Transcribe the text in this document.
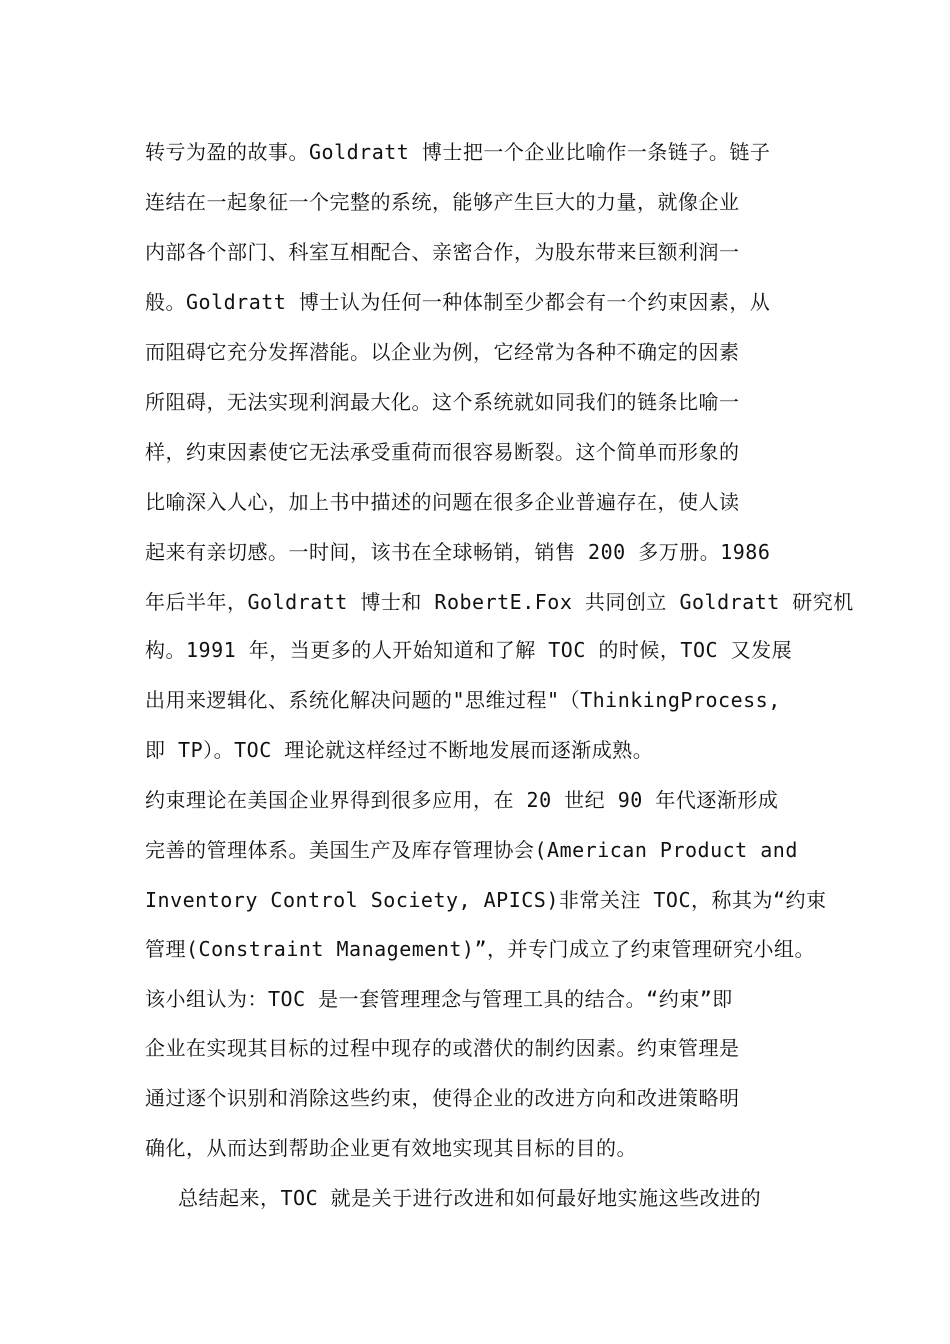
转亏为盈的故事。Goldratt 博士把一个企业比喻作一条链子。链子

连结在一起象征一个完整的系统，能够产生巨大的力量，就像企业

内部各个部门、科室互相配合、亲密合作，为股东带来巨额利润一

般。Goldratt 博士认为任何一种体制至少都会有一个约束因素，从

而阻碍它充分发挥潜能。以企业为例，它经常为各种不确定的因素

所阻碍，无法实现利润最大化。这个系统就如同我们的链条比喻一

样，约束因素使它无法承受重荷而很容易断裂。这个简单而形象的

比喻深入人心，加上书中描述的问题在很多企业普遍存在，使人读

起来有亲切感。一时间，该书在全球畅销，销售 200 多万册。1986

年后半年，Goldratt 博士和 RobertE.Fox 共同创立 Goldratt 研究机

构。1991 年，当更多的人开始知道和了解 TOC 的时候，TOC 又发展

出用来逻辑化、系统化解决问题的"思维过程"（ThinkingProcess,

即 TP）。TOC 理论就这样经过不断地发展而逐渐成熟。

约束理论在美国企业界得到很多应用，在 20 世纪 90 年代逐渐形成

完善的管理体系。美国生产及库存管理协会(American Product and

Inventory Control Society, APICS)非常关注 TOC，称其为“约束

管理(Constraint Management)”，并专门成立了约束管理研究小组。

该小组认为：TOC 是一套管理理念与管理工具的结合。“约束”即

企业在实现其目标的过程中现存的或潜伏的制约因素。约束管理是

通过逐个识别和消除这些约束，使得企业的改进方向和改进策略明

确化，从而达到帮助企业更有效地实现其目标的目的。

总结起来，TOC 就是关于进行改进和如何最好地实施这些改进的
